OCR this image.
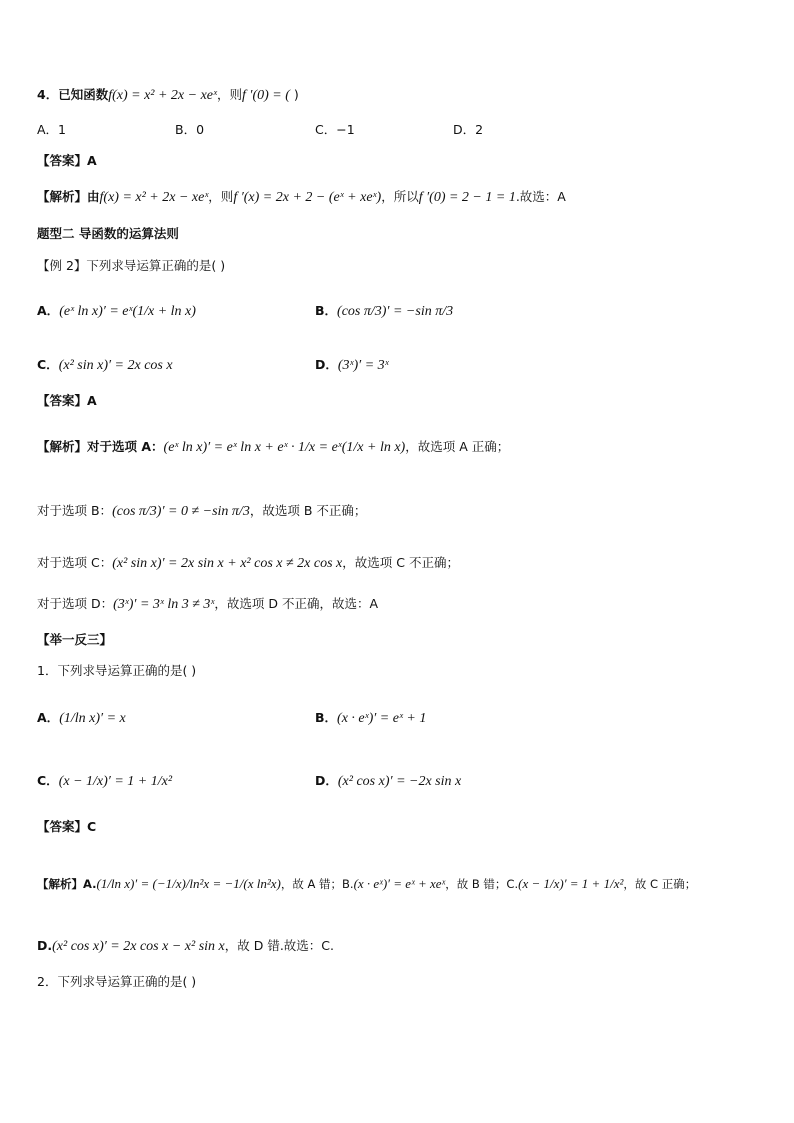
4．已知函数f(x) = x² + 2x − xeˣ，则f ′(0) = ( )
A．1	B．0	C．−1	D．2
【答案】A
【解析】由f(x) = x² + 2x − xeˣ，则f ′(x) = 2x + 2 − (eˣ + xeˣ)，所以f ′(0) = 2 − 1 = 1.故选：A
题型二 导函数的运算法则
【例 2】下列求导运算正确的是( )
A．(eˣ ln x)′ = eˣ(1/x + ln x)	B．(cos π/3)′ = −sin π/3
C．(x² sin x)′ = 2x cos x	D．(3ˣ)′ = 3ˣ
【答案】A
【解析】对于选项 A：(eˣ ln x)′ = eˣ ln x + eˣ · 1/x = eˣ(1/x + ln x)，故选项 A 正确；
对于选项 B：(cos π/3)′ = 0 ≠ −sin π/3，故选项 B 不正确；
对于选项 C：(x² sin x)′ = 2x sin x + x² cos x ≠ 2x cos x，故选项 C 不正确；
对于选项 D：(3ˣ)′ = 3ˣ ln 3 ≠ 3ˣ，故选项 D 不正确，故选：A
【举一反三】
1．下列求导运算正确的是( )
A．(1/ln x)′ = x	B．(x · eˣ)′ = eˣ + 1
C．(x − 1/x)′ = 1 + 1/x²	D．(x² cos x)′ = −2x sin x
【答案】C
【解析】A.(1/ln x)′ = (−1/x)/ln²x = −1/(x ln²x)，故 A 错；B.(x · eˣ)′ = eˣ + xeˣ，故 B 错；C.(x − 1/x)′ = 1 + 1/x²，故 C 正确；
D.(x² cos x)′ = 2x cos x − x² sin x，故 D 错.故选：C.
2．下列求导运算正确的是( )
